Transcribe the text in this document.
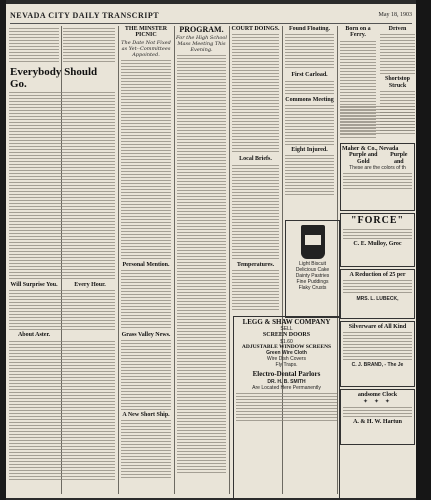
NEVADA CITY DAILY TRANSCRIPT	May 18, 1903
Everybody Should Go.
Will Surprise You.	Every Hour.
About Aster.
THE MINSTER PICNIC
The Date Not Fixed as Yet--Committees Appointed.
Personal Mention.
Grass Valley News.
A New Short Ship.
PROGRAM.
For the High School Mass Meeting This Evening.
COURT DOINGS.
Local Briefs.
Temperatures.
Found Floating.
First Carload.
Commons Meeting
Eight Injured.
Born on a Ferry.
Driven
Shortstop Struck
Light Biscuit
Delicious Cake
Dainty Pastries
Fine Puddings
Flaky Crusts
LEGG & SHAW COMPANY
SELL
SCREEN DOORS
$1.60
ADJUSTABLE WINDOW SCREENS
Green Wire Cloth
Wire Dish Covers
Fly Traps.
Electro-Dental Parlors
DR. H. B. SMITH
Are Located Here Permanently
Maher & Co., Nevada
Purple and Gold
Purple and
These are the colors of th
"FORCE"
C. E. Mulloy, Groc
A Reduction of 25 per
MRS. L. LUBECK,
Silverware of All Kind
C. J. BRAND, - The Je
andsome Clock
✦ ✦ ✦
A. & H. W. Hartun
